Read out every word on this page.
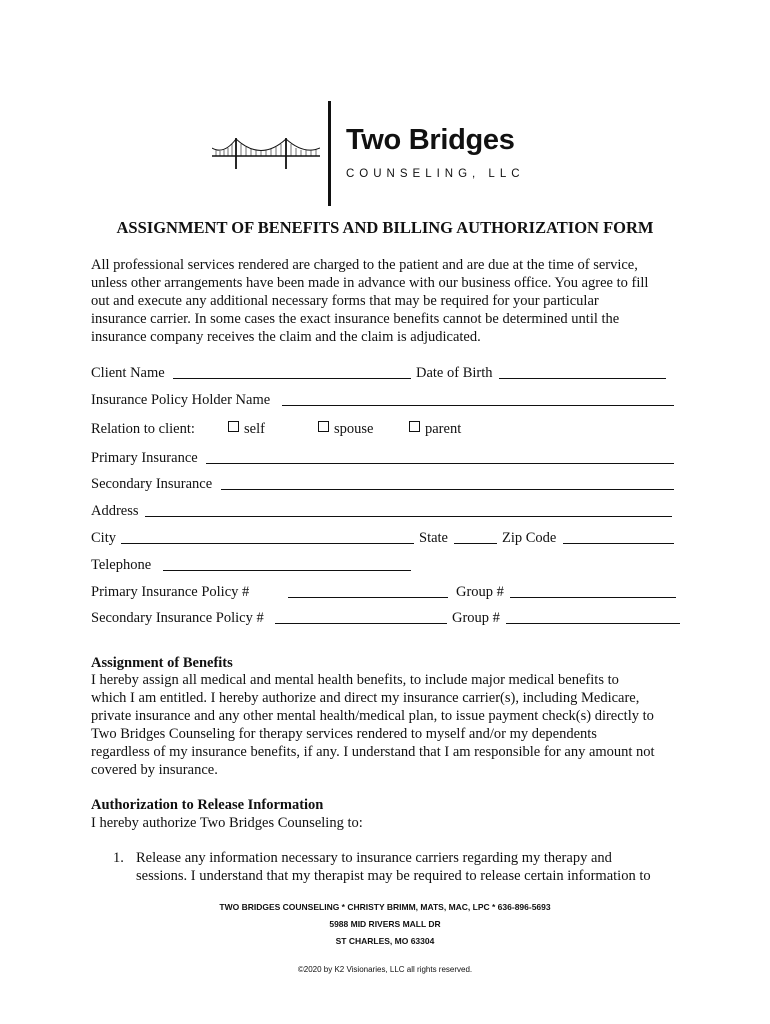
Two Bridges
COUNSELING, LLC
ASSIGNMENT OF BENEFITS AND BILLING AUTHORIZATION FORM
All professional services rendered are charged to the patient and are due at the time of service,
unless other arrangements have been made in advance with our business office. You agree to fill
out and execute any additional necessary forms that may be required for your particular
insurance carrier. In some cases the exact insurance benefits cannot be determined until the
insurance company receives the claim and the claim is adjudicated.
Client Name	Date of Birth
Insurance Policy Holder Name
Relation to client:	self	spouse	parent
Primary Insurance
Secondary Insurance
Address
City	State	Zip Code
Telephone
Primary Insurance Policy #	Group #
Secondary Insurance Policy #	Group #
Assignment of Benefits
I hereby assign all medical and mental health benefits, to include major medical benefits to
which I am entitled. I hereby authorize and direct my insurance carrier(s), including Medicare,
private insurance and any other mental health/medical plan, to issue payment check(s) directly to
Two Bridges Counseling for therapy services rendered to myself and/or my dependents
regardless of my insurance benefits, if any. I understand that I am responsible for any amount not
covered by insurance.
Authorization to Release Information
I hereby authorize Two Bridges Counseling to:
1. Release any information necessary to insurance carriers regarding my therapy and
sessions. I understand that my therapist may be required to release certain information to
TWO BRIDGES COUNSELING * CHRISTY BRIMM, MATS, MAC, LPC * 636-896-5693
5988 MID RIVERS MALL DR
ST CHARLES, MO 63304
©2020 by K2 Visionaries, LLC all rights reserved.
